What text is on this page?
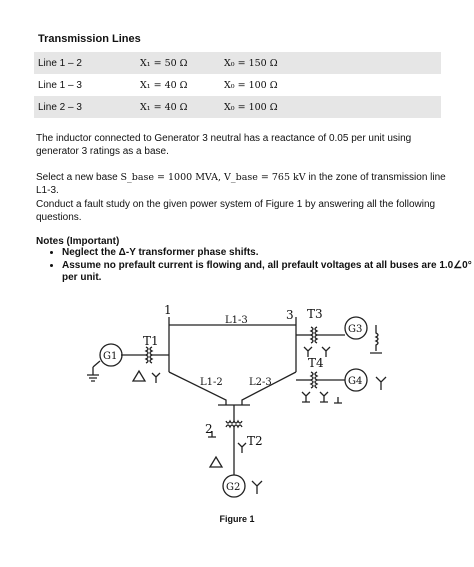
Transmission Lines
Line 1 – 2	X₁ = 50 Ω	X₀ = 150 Ω
Line 1 – 3	X₁ = 40 Ω	X₀ = 100 Ω
Line 2 – 3	X₁ = 40 Ω	X₀ = 100 Ω
The inductor connected to Generator 3 neutral has a reactance of 0.05 per unit using generator 3 ratings as a base.
Select a new base S_base = 1000 MVA, V_base = 765 kV in the zone of transmission line L1-3.
Conduct a fault study on the given power system of Figure 1 by answering all the following questions.
Notes (Important)
• Neglect the Δ-Y transformer phase shifts.
• Assume no prefault current is flowing and, all prefault voltages at all buses are 1.0∠0° per unit.
1	3
2
T1
T3
T4
T2
G1
G3
G4
G2
L1-3
L1-2	L2-3
Figure 1
